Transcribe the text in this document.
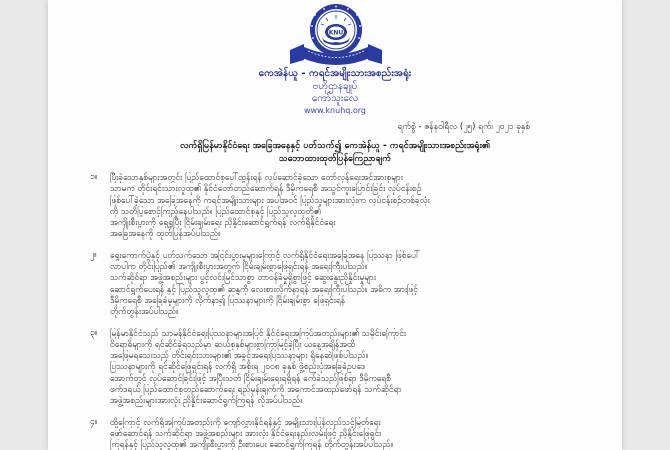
KNU
ကေအဲန်ယူ - ကရင်အမျိုးသားအစည်းအရုံး
ဗဟိုဌာနချုပ်
ကော်သူးလေ
www.knuhq.org
ရက်စွဲ - ဇန်နဝါရီလ (၂၅) ရက်၊ ၂၀၂၁ ခုနှစ်
လက်ရှိမြန်မာနိုင်ငံရေး အခြေအနေနှင့် ပတ်သက်၍ ကေအဲန်ယူ - ကရင်အမျိုးသားအစည်းအရုံး၏
သဘောထားထုတ်ပြန်ကြေညာချက်
၁။ ပြီးခဲ့သောနှစ်များအတွင်း ပြည်ထောင်စုပေါ်ထွန်းရန် လုပ်ဆောင်ခဲ့သော တော်လှန်ရေးအင်အားစုများ
သာမက တိုင်းရင်းသားလူထု၏ နိုင်ငံတော်တည်ဆောက်ရန် ဒီမိုကရေစီ အသွင်ကူးပြောင်းခြင်း လုပ်ငန်းစဉ်
ဖြစ်ပေါ်ခဲ့သော အခြေအနေကို ကရင်အမျိုးသားများ အပါအဝင် ပြည်သူများအားလုံးက လုပ်ငန်းစဉ်တစ်ခုလုံး
ကို သတိပြုစောင့်ကြည့်နေပါသည်။ ပြည်ထောင်စုနှင့် ပြည်သူလူထုတို့၏
အကျိုးစီးပွားကို ရှေ့ရှုပြီး ငြိမ်းချမ်းရေး ညှိနှိုင်းဆောင်ရွက်ရန် လက်ရှိနိုင်ငံရေး
အခြေအနေကို ထုတ်ပြန်အပ်ပါသည်။
၂။ ရွေးကောက်ပွဲနှင့် ပတ်သက်သော အငြင်းပွားမှုများကြောင့် လက်ရှိနိုင်ငံရေးအခြေအနေ ပြဿနာ ဖြစ်ပေါ်
လာပါက တိုင်းပြည်၏ အကျိုးစီးပွားအတွက် ငြိမ်းချမ်းစွာဖြေရှင်းရန် အရေးကြီးပါသည်။
သက်ဆိုင်ရာ အဖွဲ့အစည်းများ ပွင့်လင်းမြင်သာစွာ တာဝန်ခံမှုရှိစွာဖြင့် ဆွေးနွေးညှိနှိုင်းမှုများ
ဆောင်ရွက်ပေးရန် နှင့် ပြည်သူလူထု၏ ဆန္ဒကို လေးစားလိုက်နာရန် အရေးကြီးပါသည်။ အဓိက အားဖြင့်
ဒီမိုကရေစီ အခြေခံမူများကို လိုက်နာ၍ ပြဿနာများကို ငြိမ်းချမ်းစွာ ဖြေရှင်းရန်
တိုက်တွန်းအပ်ပါသည်။
၃။ မြန်မာနိုင်ငံသည် သာမန်နိုင်ငံရေးပြဿနာများအပြင် နိုင်ငံရေးအကြပ်အတည်းများ၏ သမိုင်းကြောင်း
ဝိရောဓိများကို ရင်ဆိုင်ခဲ့ရသည်မှာ ဆယ်စုနှစ်များစွာကြာမြင့်ခဲ့ပြီး ယနေ့အချိန်အထိ
အဖြေမရသေးသည့် တိုင်းရင်းသားများ၏ အခွင့်အရေးပြဿနာများ ရှိနေဆဲဖြစ်ပါသည်။
ပြဿနာများကို ရင်ဆိုင်ဖြေရှင်းရန် လက်ရှိ အစိုးရ ၂၀၀၈ ခုနှစ် ဖွဲ့စည်းပုံအခြေခံဥပဒေ
အောက်တွင် လုပ်ဆောင်ခြင်းဖြင့် အပြီးသတ် ငြိမ်းချမ်းရေးရရှိရန် ခက်ခဲသည်ဖြစ်ရာ ဒီမိုကရေစီ
ဖက်ဒရယ် ပြည်ထောင်စုတည်ဆောက်ရေး ရည်မှန်းချက်ကို အကောင်အထည်ဖော်ရန် သက်ဆိုင်ရာ
အဖွဲ့အစည်းများအားလုံး ညှိနှိုင်းဆောင်ရွက်ကြရန် လိုအပ်ပါသည်။
၄။ ထို့ကြောင့် လက်ရှိအကြပ်အတည်းကို ကျော်လွှားနိုင်ရန်နှင့် အမျိုးသားပြန်လည်သင့်မြတ်ရေး
ဖော်ဆောင်ရန် သက်ဆိုင်ရာ အဖွဲ့အစည်းများ အားလုံး နိုင်ငံရေးနည်းလမ်းဖြင့် ညှိနှိုင်းဖြေရှင်း
ကြရန်နှင့် ပြည်သူလူထု၏ အကျိုးစီးပွားကို ဦးစားပေး ဆောင်ရွက်ကြရန် တိုက်တွန်းအပ်ပါသည်။
